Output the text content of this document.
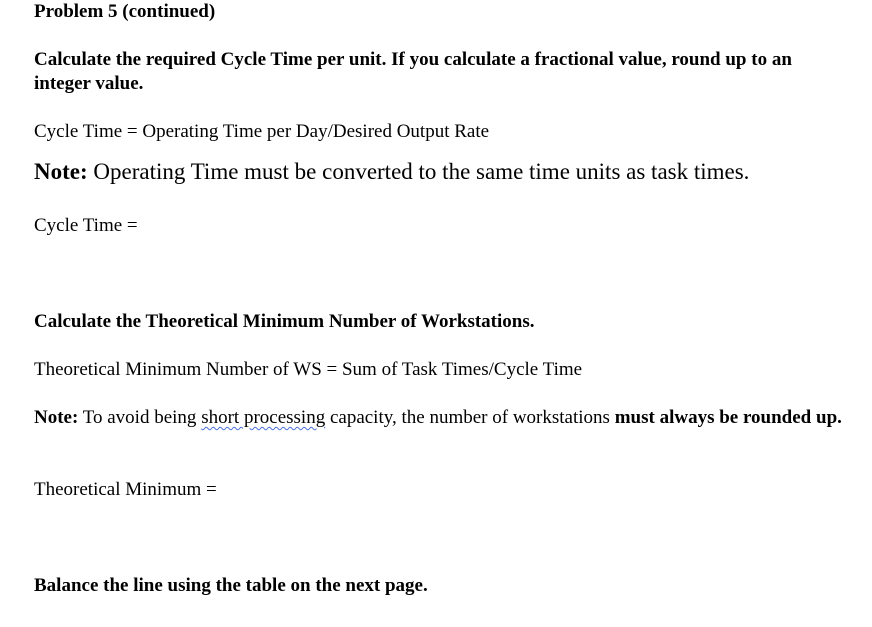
Problem 5 (continued)
Calculate the required Cycle Time per unit. If you calculate a fractional value, round up to an integer value.
Cycle Time = Operating Time per Day/Desired Output Rate
Note: Operating Time must be converted to the same time units as task times.
Cycle Time =
Calculate the Theoretical Minimum Number of Workstations.
Theoretical Minimum Number of WS = Sum of Task Times/Cycle Time
Note: To avoid being short processing capacity, the number of workstations must always be rounded up.
Theoretical Minimum =
Balance the line using the table on the next page.
